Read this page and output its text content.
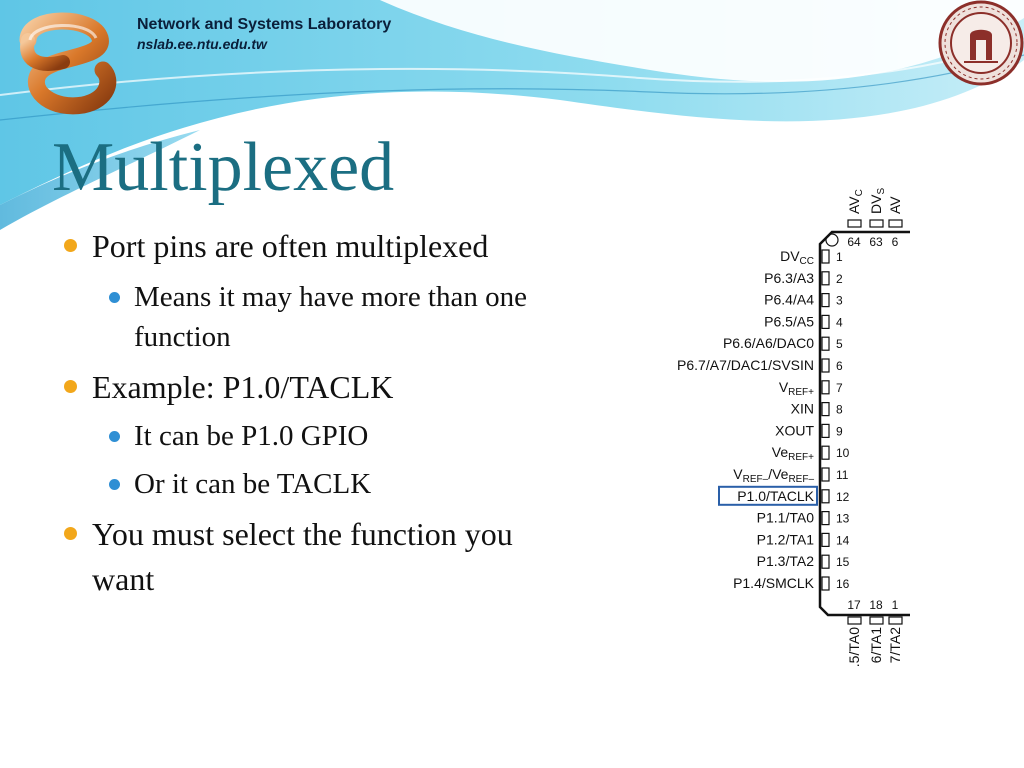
Network and Systems Laboratory
nslab.ee.ntu.edu.tw
Multiplexed
Port pins are often multiplexed
Means it may have more than one function
Example: P1.0/TACLK
It can be P1.0 GPIO
Or it can be TACLK
You must select the function you want
1
DVCC
2
P6.3/A3
3
P6.4/A4
4
P6.5/A5
5
P6.6/A6/DAC0
6
P6.7/A7/DAC1/SVSIN
7
VREF+
8
XIN
9
XOUT
10
VeREF+
11
VREF–/VeREF–
12
P1.0/TACLK
13
P1.1/TA0
14
P1.2/TA1
15
P1.3/TA2
16
P1.4/SMCLK
64
AVC
63
DVS
6
AV
17
.5/TA0
18
6/TA1
1
7/TA2
